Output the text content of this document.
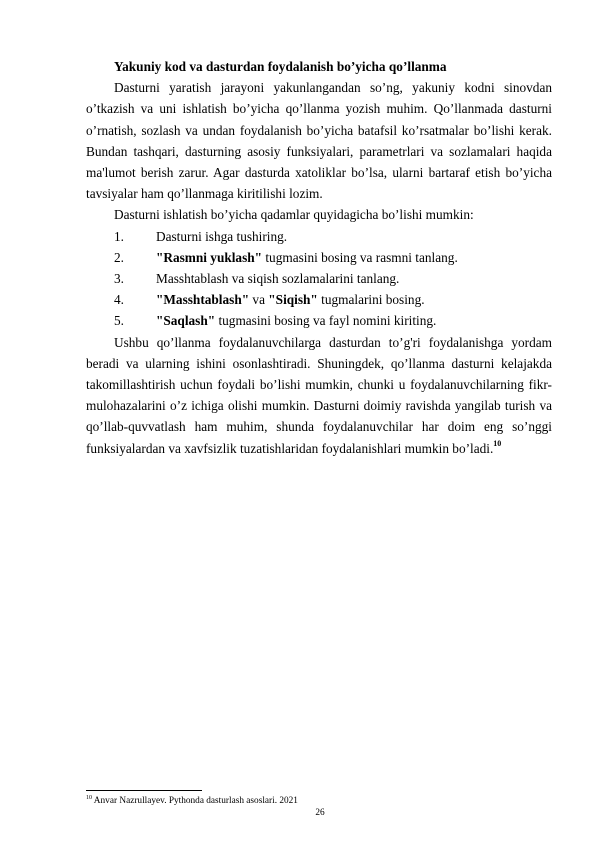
Yakuniy kod va dasturdan foydalanish bo’yicha qo’llanma

Dasturni yaratish jarayoni yakunlangandan so’ng, yakuniy kodni sinovdan o’tkazish va uni ishlatish bo’yicha qo’llanma yozish muhim. Qo’llanmada dasturni o’rnatish, sozlash va undan foydalanish bo’yicha batafsil ko’rsatmalar bo’lishi kerak. Bundan tashqari, dasturning asosiy funksiyalari, parametrlari va sozlamalari haqida ma'lumot berish zarur. Agar dasturda xatoliklar bo’lsa, ularni bartaraf etish bo’yicha tavsiyalar ham qo’llanmaga kiritilishi lozim.

Dasturni ishlatish bo’yicha qadamlar quyidagicha bo’lishi mumkin:

1.	Dasturni ishga tushiring.
2.	"Rasmni yuklash" tugmasini bosing va rasmni tanlang.
3.	Masshtablash va siqish sozlamalarini tanlang.
4.	"Masshtablash" va "Siqish" tugmalarini bosing.
5.	"Saqlash" tugmasini bosing va fayl nomini kiriting.

Ushbu qo’llanma foydalanuvchilarga dasturdan to’g'ri foydalanishga yordam beradi va ularning ishini osonlashtiradi. Shuningdek, qo’llanma dasturni kelajakda takomillashtirish uchun foydali bo’lishi mumkin, chunki u foydalanuvchilarning fikr-mulohazalarini o’z ichiga olishi mumkin. Dasturni doimiy ravishda yangilab turish va qo’llab-quvvatlash ham muhim, shunda foydalanuvchilar har doim eng so’nggi funksiyalardan va xavfsizlik tuzatishlaridan foydalanishlari mumkin bo’ladi.$^{10}$

$^{10}$ Anvar Nazrullayev. Pythonda dasturlash asoslari. 2021
26
